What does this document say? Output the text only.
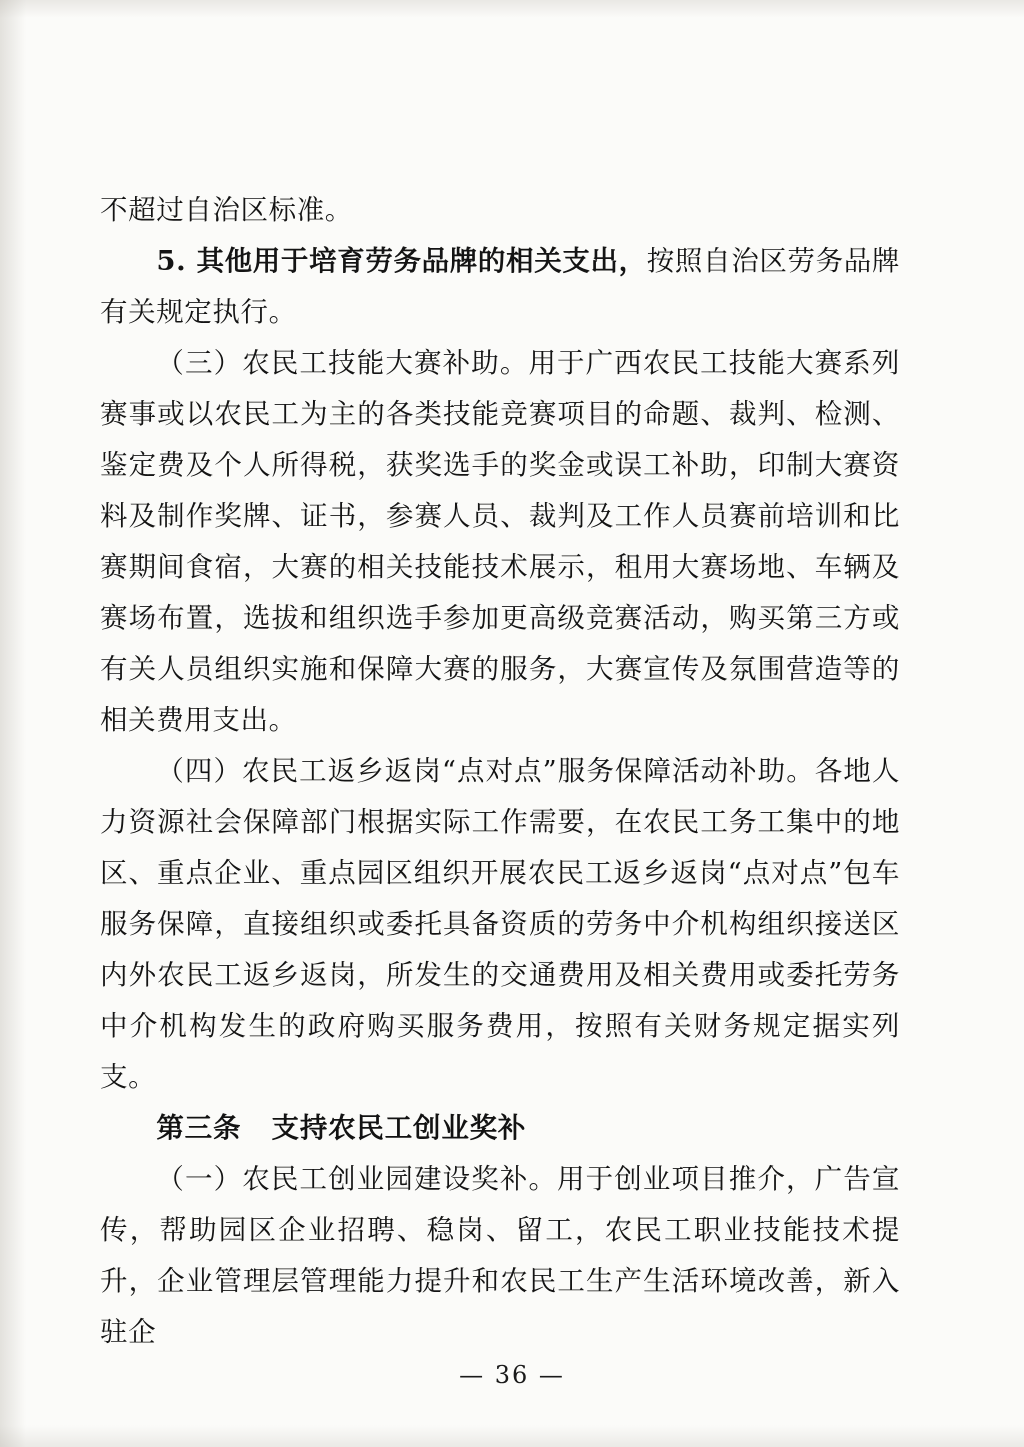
不超过自治区标准。

5. 其他用于培育劳务品牌的相关支出，按照自治区劳务品牌有关规定执行。

（三）农民工技能大赛补助。用于广西农民工技能大赛系列赛事或以农民工为主的各类技能竞赛项目的命题、裁判、检测、鉴定费及个人所得税，获奖选手的奖金或误工补助，印制大赛资料及制作奖牌、证书，参赛人员、裁判及工作人员赛前培训和比赛期间食宿，大赛的相关技能技术展示，租用大赛场地、车辆及赛场布置，选拔和组织选手参加更高级竞赛活动，购买第三方或有关人员组织实施和保障大赛的服务，大赛宣传及氛围营造等的相关费用支出。

（四）农民工返乡返岗“点对点”服务保障活动补助。各地人力资源社会保障部门根据实际工作需要，在农民工务工集中的地区、重点企业、重点园区组织开展农民工返乡返岗“点对点”包车服务保障，直接组织或委托具备资质的劳务中介机构组织接送区内外农民工返乡返岗，所发生的交通费用及相关费用或委托劳务中介机构发生的政府购买服务费用，按照有关财务规定据实列支。

第三条 支持农民工创业奖补

（一）农民工创业园建设奖补。用于创业项目推介，广告宣传，帮助园区企业招聘、稳岗、留工，农民工职业技能技术提升，企业管理层管理能力提升和农民工生产生活环境改善，新入驻企

— 36 —
